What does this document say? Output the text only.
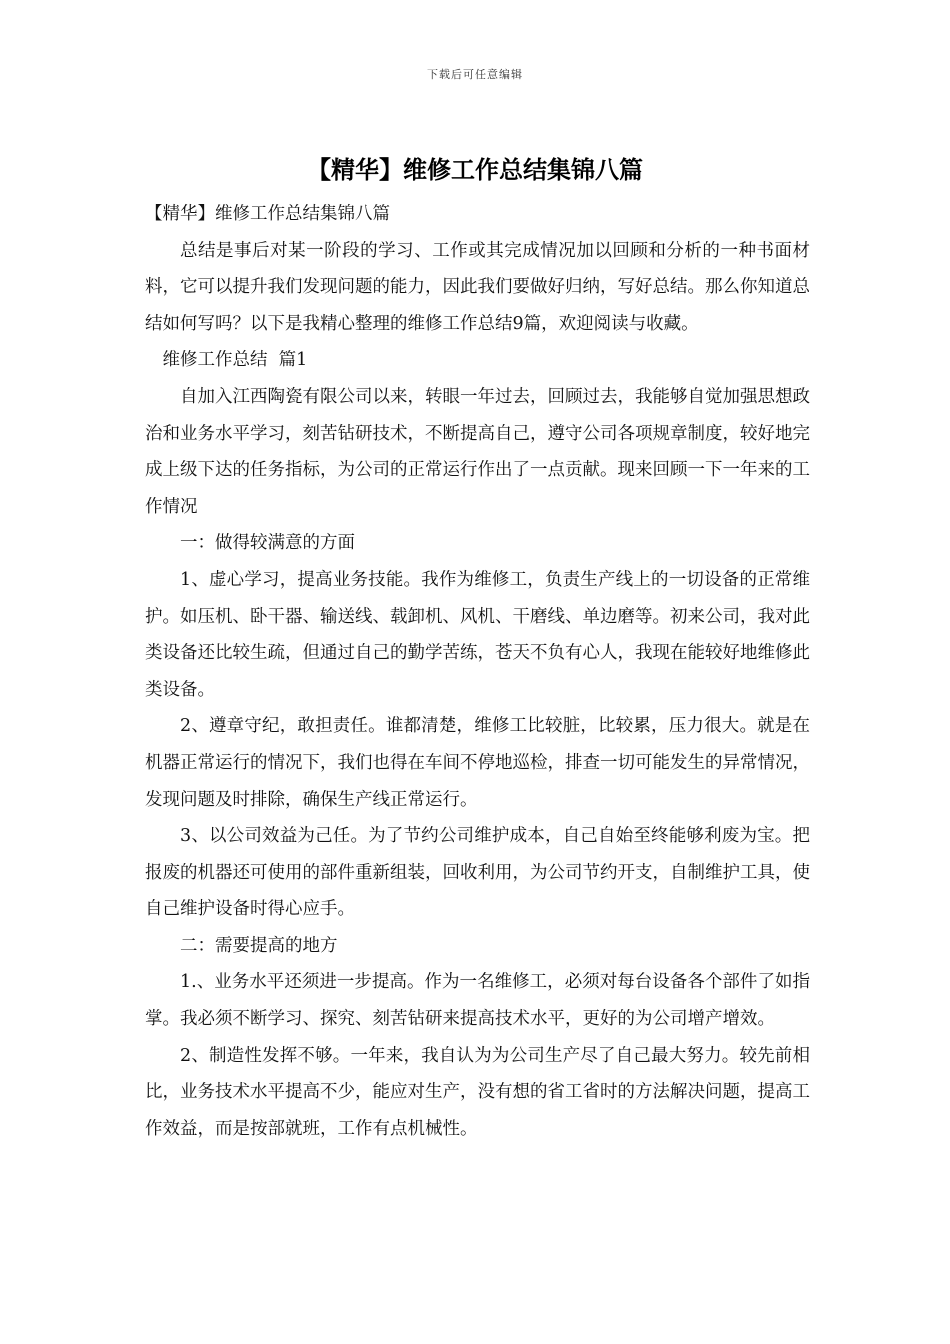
下载后可任意编辑
【精华】维修工作总结集锦八篇

【精华】维修工作总结集锦八篇

总结是事后对某一阶段的学习、工作或其完成情况加以回顾和分析的一种书面材料，它可以提升我们发现问题的能力，因此我们要做好归纳，写好总结。那么你知道总结如何写吗？以下是我精心整理的维修工作总结9篇，欢迎阅读与收藏。

维修工作总结  篇1

自加入江西陶瓷有限公司以来，转眼一年过去，回顾过去，我能够自觉加强思想政治和业务水平学习，刻苦钻研技术，不断提高自己，遵守公司各项规章制度，较好地完成上级下达的任务指标，为公司的正常运行作出了一点贡献。现来回顾一下一年来的工作情况

一：做得较满意的方面

1、虚心学习，提高业务技能。我作为维修工，负责生产线上的一切设备的正常维护。如压机、卧干器、输送线、载卸机、风机、干磨线、单边磨等。初来公司，我对此类设备还比较生疏，但通过自己的勤学苦练，苍天不负有心人，我现在能较好地维修此类设备。

2、遵章守纪，敢担责任。谁都清楚，维修工比较脏，比较累，压力很大。就是在机器正常运行的情况下，我们也得在车间不停地巡检，排查一切可能发生的异常情况，发现问题及时排除，确保生产线正常运行。

3、以公司效益为己任。为了节约公司维护成本，自己自始至终能够利废为宝。把报废的机器还可使用的部件重新组装，回收利用，为公司节约开支，自制维护工具，使自己维护设备时得心应手。

二：需要提高的地方

1.、业务水平还须进一步提高。作为一名维修工，必须对每台设备各个部件了如指掌。我必须不断学习、探究、刻苦钻研来提高技术水平，更好的为公司增产增效。

2、制造性发挥不够。一年来，我自认为为公司生产尽了自己最大努力。较先前相比，业务技术水平提高不少，能应对生产，没有想的省工省时的方法解决问题，提高工作效益，而是按部就班，工作有点机械性。
